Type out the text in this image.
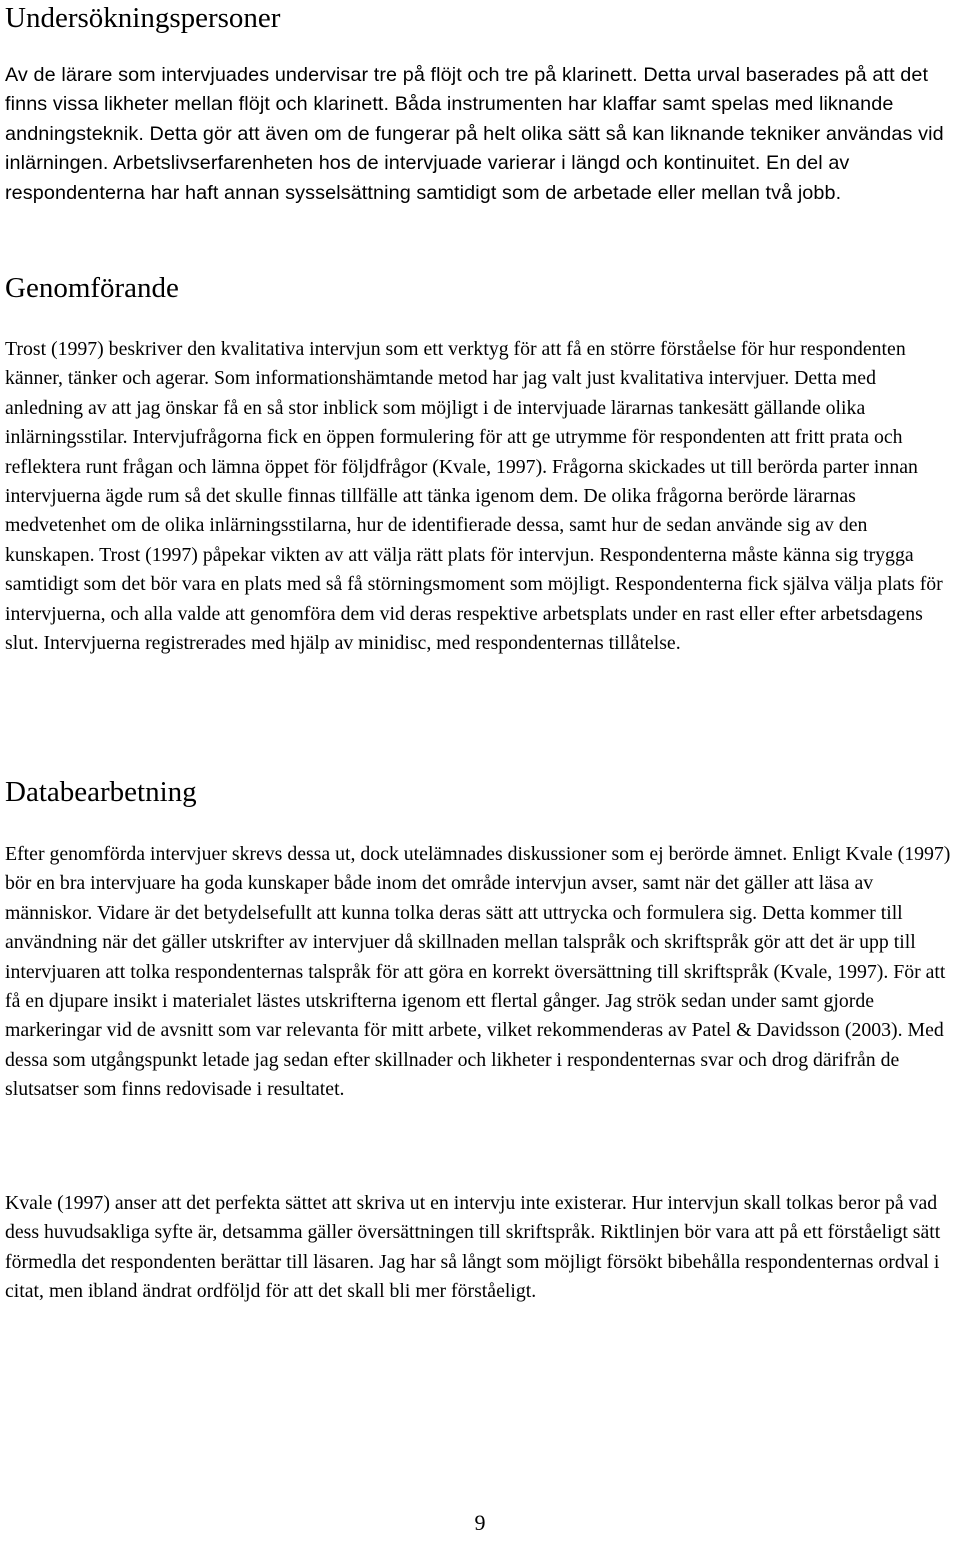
Undersökningspersoner

Av de lärare som intervjuades undervisar tre på flöjt och tre på klarinett. Detta urval baserades på att det finns vissa likheter mellan flöjt och klarinett. Båda instrumenten har klaffar samt spelas med liknande andningsteknik. Detta gör att även om de fungerar på helt olika sätt så kan liknande tekniker användas vid inlärningen. Arbetslivserfarenheten hos de intervjuade varierar i längd och kontinuitet. En del av respondenterna har haft annan sysselsättning samtidigt som de arbetade eller mellan två jobb.

Genomförande

Trost (1997) beskriver den kvalitativa intervjun som ett verktyg för att få en större förståelse för hur respondenten känner, tänker och agerar. Som informationshämtande metod har jag valt just kvalitativa intervjuer. Detta med anledning av att jag önskar få en så stor inblick som möjligt i de intervjuade lärarnas tankesätt gällande olika inlärningsstilar. Intervjufrågorna fick en öppen formulering för att ge utrymme för respondenten att fritt prata och reflektera runt frågan och lämna öppet för följdfrågor (Kvale, 1997). Frågorna skickades ut till berörda parter innan intervjuerna ägde rum så det skulle finnas tillfälle att tänka igenom dem. De olika frågorna berörde lärarnas medvetenhet om de olika inlärningsstilarna, hur de identifierade dessa, samt hur de sedan använde sig av den kunskapen. Trost (1997) påpekar vikten av att välja rätt plats för intervjun. Respondenterna måste känna sig trygga samtidigt som det bör vara en plats med så få störningsmoment som möjligt. Respondenterna fick själva välja plats för intervjuerna, och alla valde att genomföra dem vid deras respektive arbetsplats under en rast eller efter arbetsdagens slut. Intervjuerna registrerades med hjälp av minidisc, med respondenternas tillåtelse.

Databearbetning

Efter genomförda intervjuer skrevs dessa ut, dock utelämnades diskussioner som ej berörde ämnet. Enligt Kvale (1997) bör en bra intervjuare ha goda kunskaper både inom det område intervjun avser, samt när det gäller att läsa av människor. Vidare är det betydelsefullt att kunna tolka deras sätt att uttrycka och formulera sig. Detta kommer till användning när det gäller utskrifter av intervjuer då skillnaden mellan talspråk och skriftspråk gör att det är upp till intervjuaren att tolka respondenternas talspråk för att göra en korrekt översättning till skriftspråk (Kvale, 1997). För att få en djupare insikt i materialet lästes utskrifterna igenom ett flertal gånger. Jag strök sedan under samt gjorde markeringar vid de avsnitt som var relevanta för mitt arbete, vilket rekommenderas av Patel & Davidsson (2003). Med dessa som utgångspunkt letade jag sedan efter skillnader och likheter i respondenternas svar och drog därifrån de slutsatser som finns redovisade i resultatet.

Kvale (1997) anser att det perfekta sättet att skriva ut en intervju inte existerar. Hur intervjun skall tolkas beror på vad dess huvudsakliga syfte är, detsamma gäller översättningen till skriftspråk. Riktlinjen bör vara att på ett förståeligt sätt förmedla det respondenten berättar till läsaren. Jag har så långt som möjligt försökt bibehålla respondenternas ordval i citat, men ibland ändrat ordföljd för att det skall bli mer förståeligt.

9
